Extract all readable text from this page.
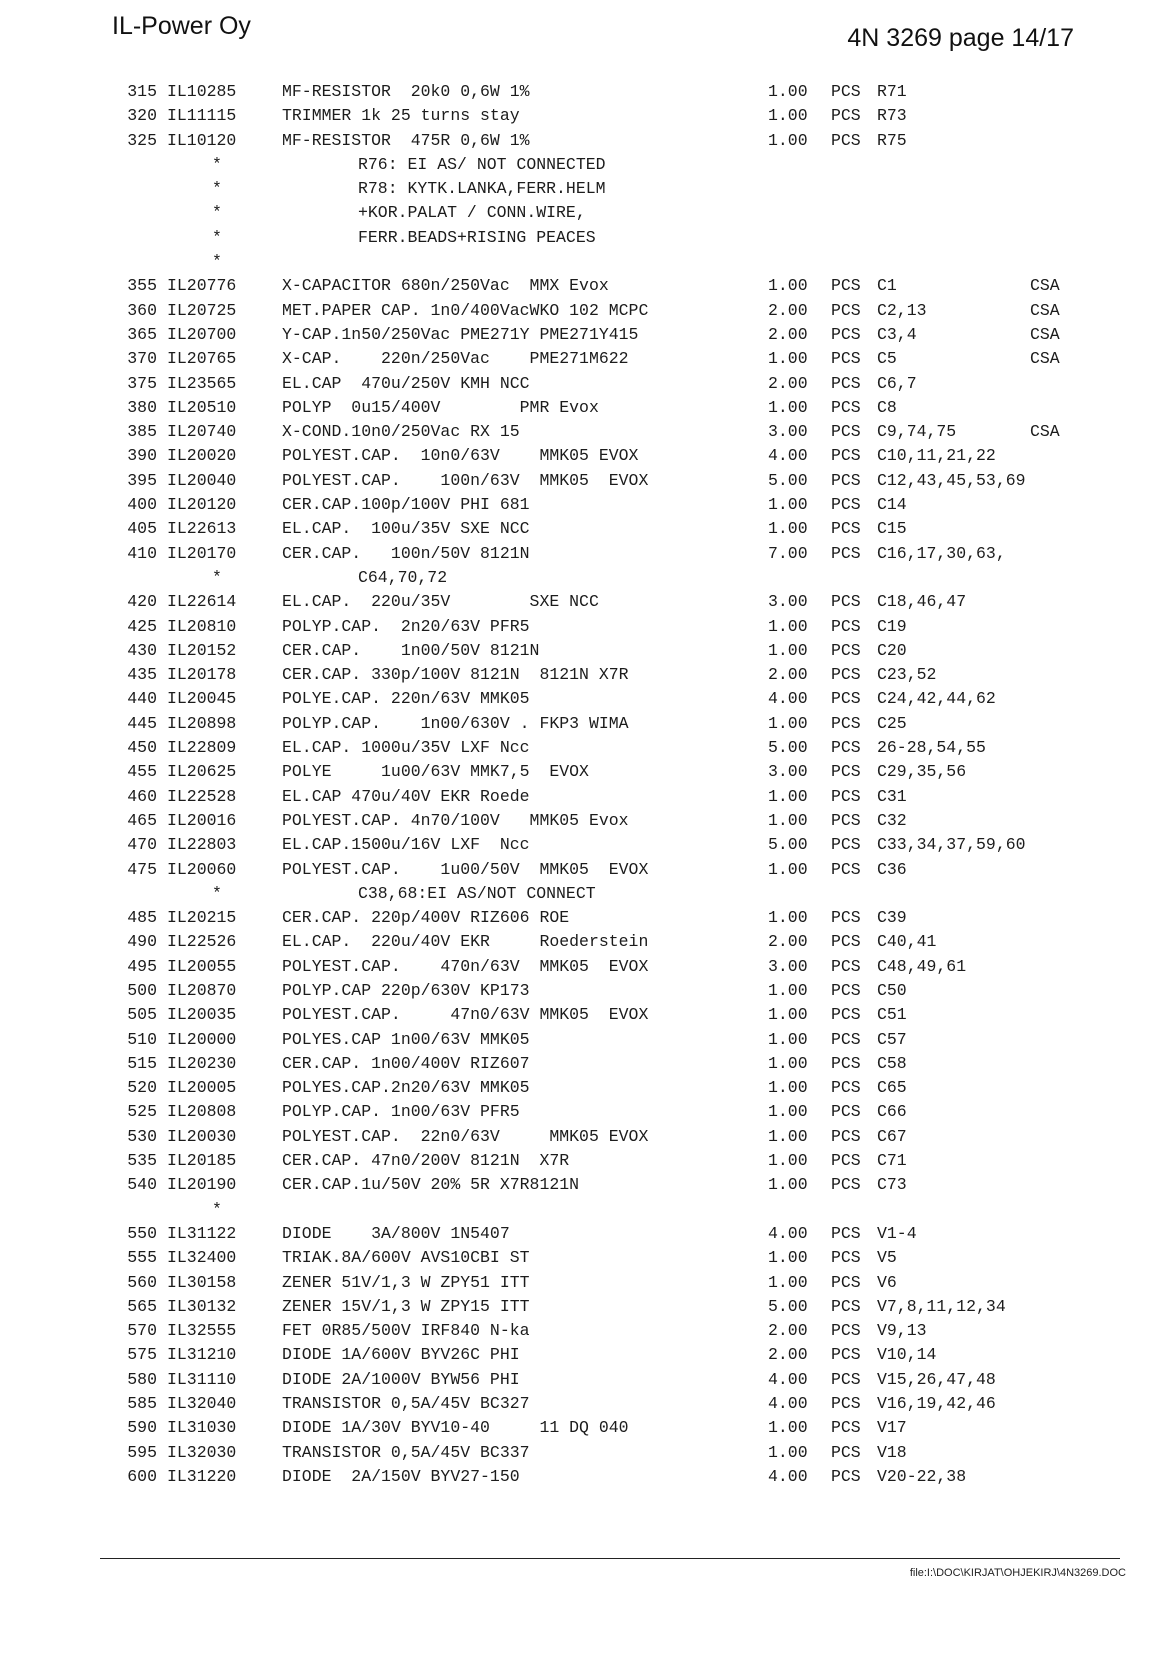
IL-Power Oy	4N 3269 page 14/17
315 IL10285	MF-RESISTOR  20k0 0,6W 1%	1.00 PCS R71
320 IL11115	TRIMMER 1k 25 turns stay	1.00 PCS R73
325 IL10120	MF-RESISTOR  475R 0,6W 1%	1.00 PCS R75
*	R76: EI AS/ NOT CONNECTED
*	R78: KYTK.LANKA,FERR.HELM
*	+KOR.PALAT / CONN.WIRE,
*	FERR.BEADS+RISING PEACES
*
355 IL20776	X-CAPACITOR 680n/250Vac  MMX Evox	1.00 PCS C1	CSA
360 IL20725	MET.PAPER CAP. 1n0/400VacWKO 102 MCPC	2.00 PCS C2,13	CSA
365 IL20700	Y-CAP.1n50/250Vac PME271Y PME271Y415	2.00 PCS C3,4	CSA
370 IL20765	X-CAP.    220n/250Vac    PME271M622	1.00 PCS C5	CSA
375 IL23565	EL.CAP  470u/250V KMH NCC	2.00 PCS C6,7
380 IL20510	POLYP  0u15/400V        PMR Evox	1.00 PCS C8
385 IL20740	X-COND.10n0/250Vac RX 15	3.00 PCS C9,74,75	CSA
390 IL20020	POLYEST.CAP.  10n0/63V    MMK05 EVOX	4.00 PCS C10,11,21,22
395 IL20040	POLYEST.CAP.    100n/63V  MMK05  EVOX	5.00 PCS C12,43,45,53,69
400 IL20120	CER.CAP.100p/100V PHI 681	1.00 PCS C14
405 IL22613	EL.CAP.  100u/35V SXE NCC	1.00 PCS C15
410 IL20170	CER.CAP.   100n/50V 8121N	7.00 PCS C16,17,30,63,
*	C64,70,72
420 IL22614	EL.CAP.  220u/35V        SXE NCC	3.00 PCS C18,46,47
425 IL20810	POLYP.CAP.  2n20/63V PFR5	1.00 PCS C19
430 IL20152	CER.CAP.    1n00/50V 8121N	1.00 PCS C20
435 IL20178	CER.CAP. 330p/100V 8121N  8121N X7R	2.00 PCS C23,52
440 IL20045	POLYE.CAP. 220n/63V MMK05	4.00 PCS C24,42,44,62
445 IL20898	POLYP.CAP.    1n00/630V . FKP3 WIMA	1.00 PCS C25
450 IL22809	EL.CAP. 1000u/35V LXF Ncc	5.00 PCS 26-28,54,55
455 IL20625	POLYE     1u00/63V MMK7,5  EVOX	3.00 PCS C29,35,56
460 IL22528	EL.CAP 470u/40V EKR Roede	1.00 PCS C31
465 IL20016	POLYEST.CAP. 4n70/100V   MMK05 Evox	1.00 PCS C32
470 IL22803	EL.CAP.1500u/16V LXF  Ncc	5.00 PCS C33,34,37,59,60
475 IL20060	POLYEST.CAP.    1u00/50V  MMK05  EVOX	1.00 PCS C36
*	C38,68:EI AS/NOT CONNECT
485 IL20215	CER.CAP. 220p/400V RIZ606 ROE	1.00 PCS C39
490 IL22526	EL.CAP.  220u/40V EKR     Roederstein	2.00 PCS C40,41
495 IL20055	POLYEST.CAP.    470n/63V  MMK05  EVOX	3.00 PCS C48,49,61
500 IL20870	POLYP.CAP 220p/630V KP173	1.00 PCS C50
505 IL20035	POLYEST.CAP.     47n0/63V MMK05  EVOX	1.00 PCS C51
510 IL20000	POLYES.CAP 1n00/63V MMK05	1.00 PCS C57
515 IL20230	CER.CAP. 1n00/400V RIZ607	1.00 PCS C58
520 IL20005	POLYES.CAP.2n20/63V MMK05	1.00 PCS C65
525 IL20808	POLYP.CAP. 1n00/63V PFR5	1.00 PCS C66
530 IL20030	POLYEST.CAP.  22n0/63V     MMK05 EVOX	1.00 PCS C67
535 IL20185	CER.CAP. 47n0/200V 8121N  X7R	1.00 PCS C71
540 IL20190	CER.CAP.1u/50V 20% 5R X7R8121N	1.00 PCS C73
*
550 IL31122	DIODE    3A/800V 1N5407	4.00 PCS V1-4
555 IL32400	TRIAK.8A/600V AVS10CBI ST	1.00 PCS V5
560 IL30158	ZENER 51V/1,3 W ZPY51 ITT	1.00 PCS V6
565 IL30132	ZENER 15V/1,3 W ZPY15 ITT	5.00 PCS V7,8,11,12,34
570 IL32555	FET 0R85/500V IRF840 N-ka	2.00 PCS V9,13
575 IL31210	DIODE 1A/600V BYV26C PHI	2.00 PCS V10,14
580 IL31110	DIODE 2A/1000V BYW56 PHI	4.00 PCS V15,26,47,48
585 IL32040	TRANSISTOR 0,5A/45V BC327	4.00 PCS V16,19,42,46
590 IL31030	DIODE 1A/30V BYV10-40     11 DQ 040	1.00 PCS V17
595 IL32030	TRANSISTOR 0,5A/45V BC337	1.00 PCS V18
600 IL31220	DIODE  2A/150V BYV27-150	4.00 PCS V20-22,38
file:I:\DOC\KIRJAT\OHJEKIRJ\4N3269.DOC
